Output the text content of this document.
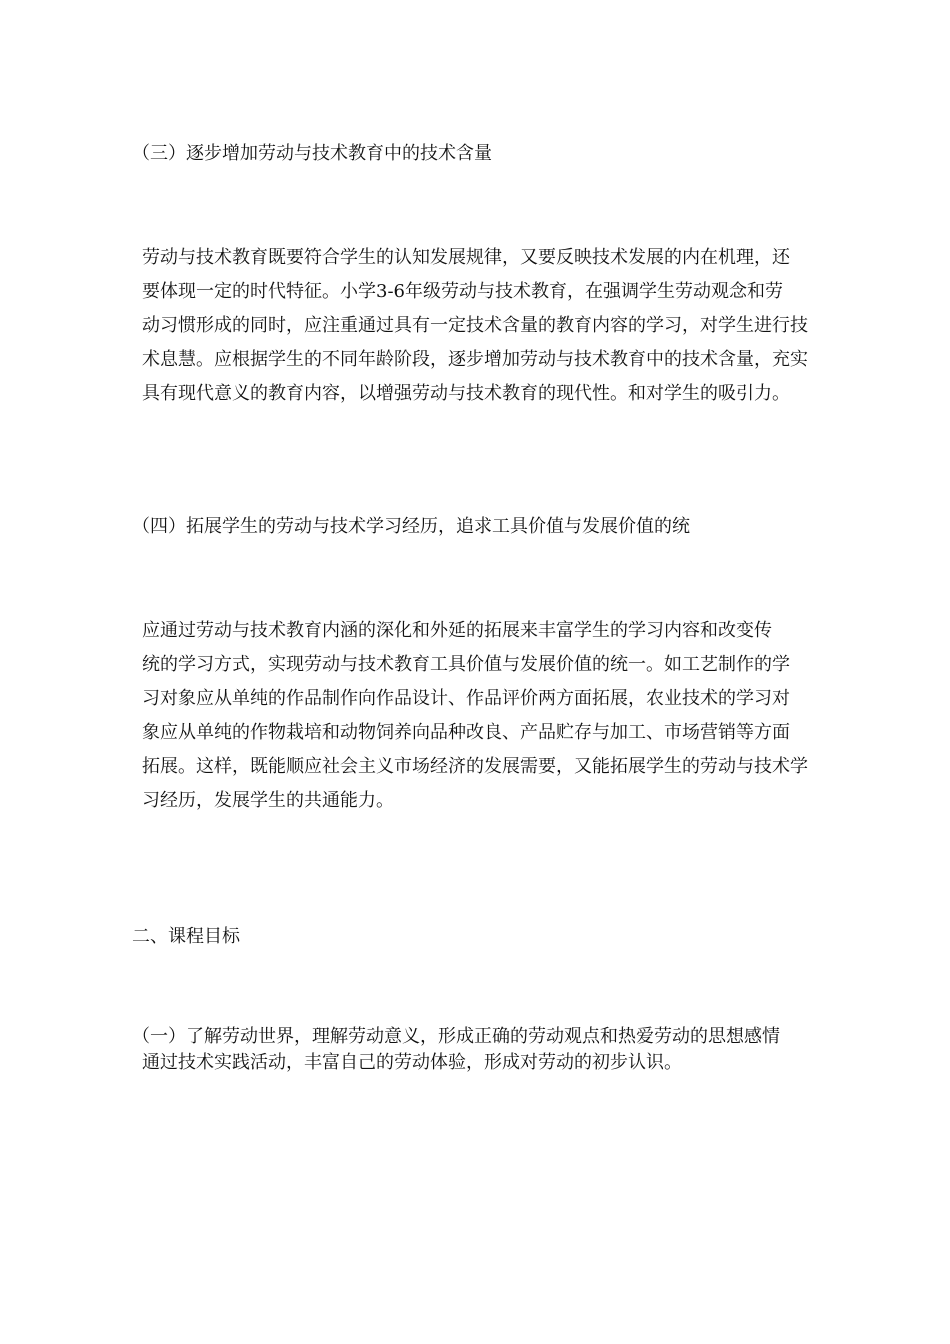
（三）逐步增加劳动与技术教育中的技术含量

劳动与技术教育既要符合学生的认知发展规律，又要反映技术发展的内在机理，还
要体现一定的时代特征。小学3-6年级劳动与技术教育，在强调学生劳动观念和劳
动习惯形成的同时，应注重通过具有一定技术含量的教育内容的学习，对学生进行技
术息慧。应根据学生的不同年龄阶段，逐步增加劳动与技术教育中的技术含量，充实
具有现代意义的教育内容，以增强劳动与技术教育的现代性。和对学生的吸引力。

（四）拓展学生的劳动与技术学习经历，追求工具价值与发展价值的统

应通过劳动与技术教育内涵的深化和外延的拓展来丰富学生的学习内容和改变传
统的学习方式，实现劳动与技术教育工具价值与发展价值的统一。如工艺制作的学
习对象应从单纯的作品制作向作品设计、作品评价两方面拓展，农业技术的学习对
象应从单纯的作物栽培和动物饲养向品种改良、产品贮存与加工、市场营销等方面
拓展。这样，既能顺应社会主义市场经济的发展需要，又能拓展学生的劳动与技术学
习经历，发展学生的共通能力。

二、课程目标

（一）了解劳动世界，理解劳动意义，形成正确的劳动观点和热爱劳动的思想感情
通过技术实践活动，丰富自己的劳动体验，形成对劳动的初步认识。
